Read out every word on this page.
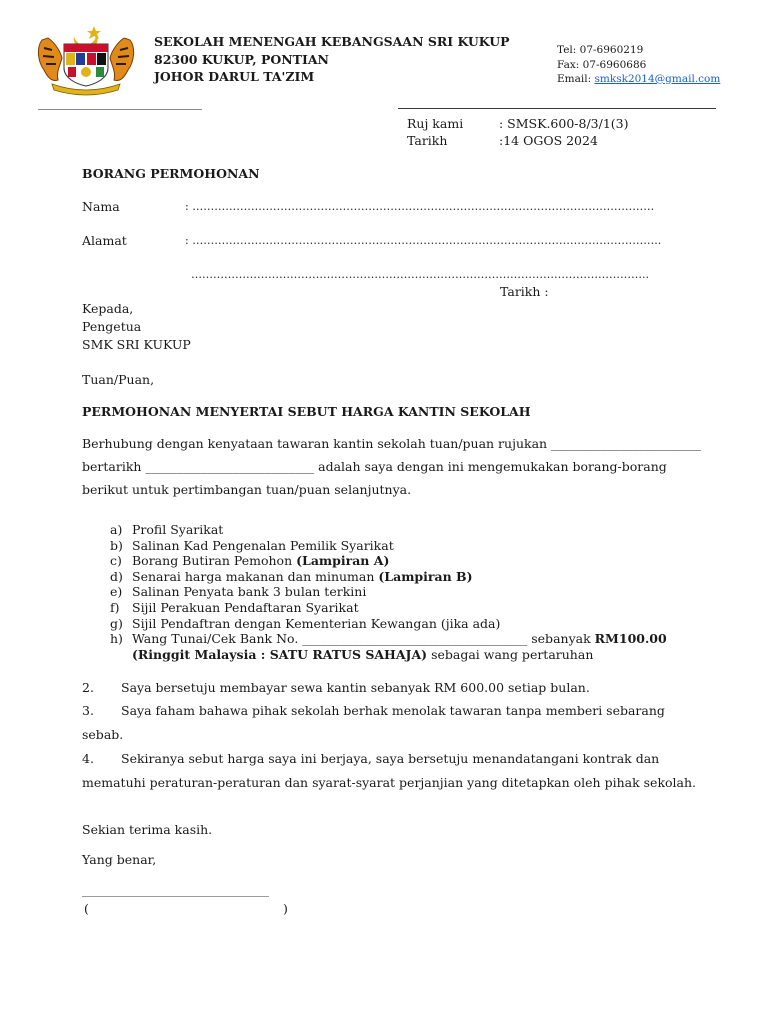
SEKOLAH MENENGAH KEBANGSAAN SRI KUKUP
82300 KUKUP, PONTIAN
JOHOR DARUL TA'ZIM
Tel: 07-6960219
Fax: 07-6960686
Email: smksk2014@gmail.com
Ruj kami	: SMSK.600-8/3/1(3)
Tarikh	:14 OGOS 2024
BORANG PERMOHONAN
Nama	: ………………………………………………………………………………………………………………
Alamat	: ………………………………………………………………………………………………………………..
……………………………………………………………………………………………………………..
Tarikh :
Kepada,
Pengetua
SMK SRI KUKUP
Tuan/Puan,
PERMOHONAN MENYERTAI SEBUT HARGA KANTIN SEKOLAH
Berhubung dengan kenyataan tawaran kantin sekolah tuan/puan rujukan ________________________
bertarikh ___________________________ adalah saya dengan ini mengemukakan borang-borang
berikut untuk pertimbangan tuan/puan selanjutnya.
a) Profil Syarikat
b) Salinan Kad Pengenalan Pemilik Syarikat
c) Borang Butiran Pemohon (Lampiran A)
d) Senarai harga makanan dan minuman (Lampiran B)
e) Salinan Penyata bank 3 bulan terkini
f) Sijil Perakuan Pendaftaran Syarikat
g) Sijil Pendaftran dengan Kementerian Kewangan (jika ada)
h) Wang Tunai/Cek Bank No. ____________________________________ sebanyak RM100.00
(Ringgit Malaysia : SATU RATUS SAHAJA) sebagai wang pertaruhan
2. Saya bersetuju membayar sewa kantin sebanyak RM 600.00 setiap bulan.
3. Saya faham bahawa pihak sekolah berhak menolak tawaran tanpa memberi sebarang
sebab.
4. Sekiranya sebut harga saya ini berjaya, saya bersetuju menandatangani kontrak dan
mematuhi peraturan-peraturan dan syarat-syarat perjanjian yang ditetapkan oleh pihak sekolah.
Sekian terima kasih.
Yang benar,
__________________________________
(	)
